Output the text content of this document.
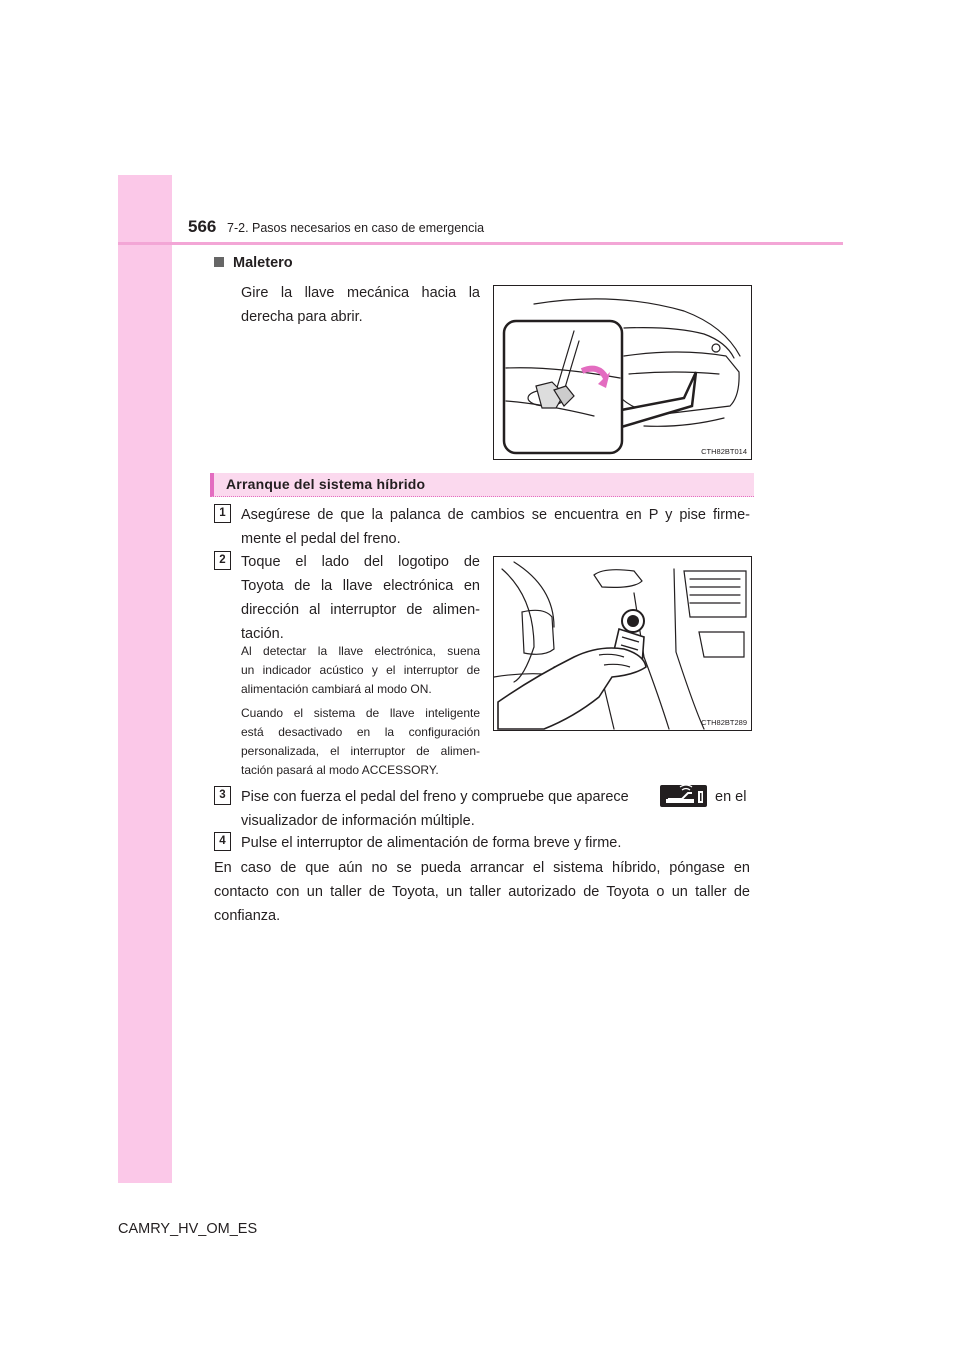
566 7-2. Pasos necesarios en caso de emergencia
Maletero
Gire la llave mecánica hacia la
derecha para abrir.
CTH82BT014
Arranque del sistema híbrido
1	Asegúrese de que la palanca de cambios se encuentra en P y pise firme-
mente el pedal del freno.
2	Toque el lado del logotipo de
Toyota de la llave electrónica en
dirección al interruptor de alimen-
tación.
Al detectar la llave electrónica, suena
un indicador acústico y el interruptor de
alimentación cambiará al modo ON.
Cuando el sistema de llave inteligente
está desactivado en la configuración
personalizada, el interruptor de alimen-
tación pasará al modo ACCESSORY.
CTH82BT289
3	Pise con fuerza el pedal del freno y compruebe que aparece	en el
visualizador de información múltiple.
4	Pulse el interruptor de alimentación de forma breve y firme.
En caso de que aún no se pueda arrancar el sistema híbrido, póngase en
contacto con un taller de Toyota, un taller autorizado de Toyota o un taller de
confianza.
CAMRY_HV_OM_ES
